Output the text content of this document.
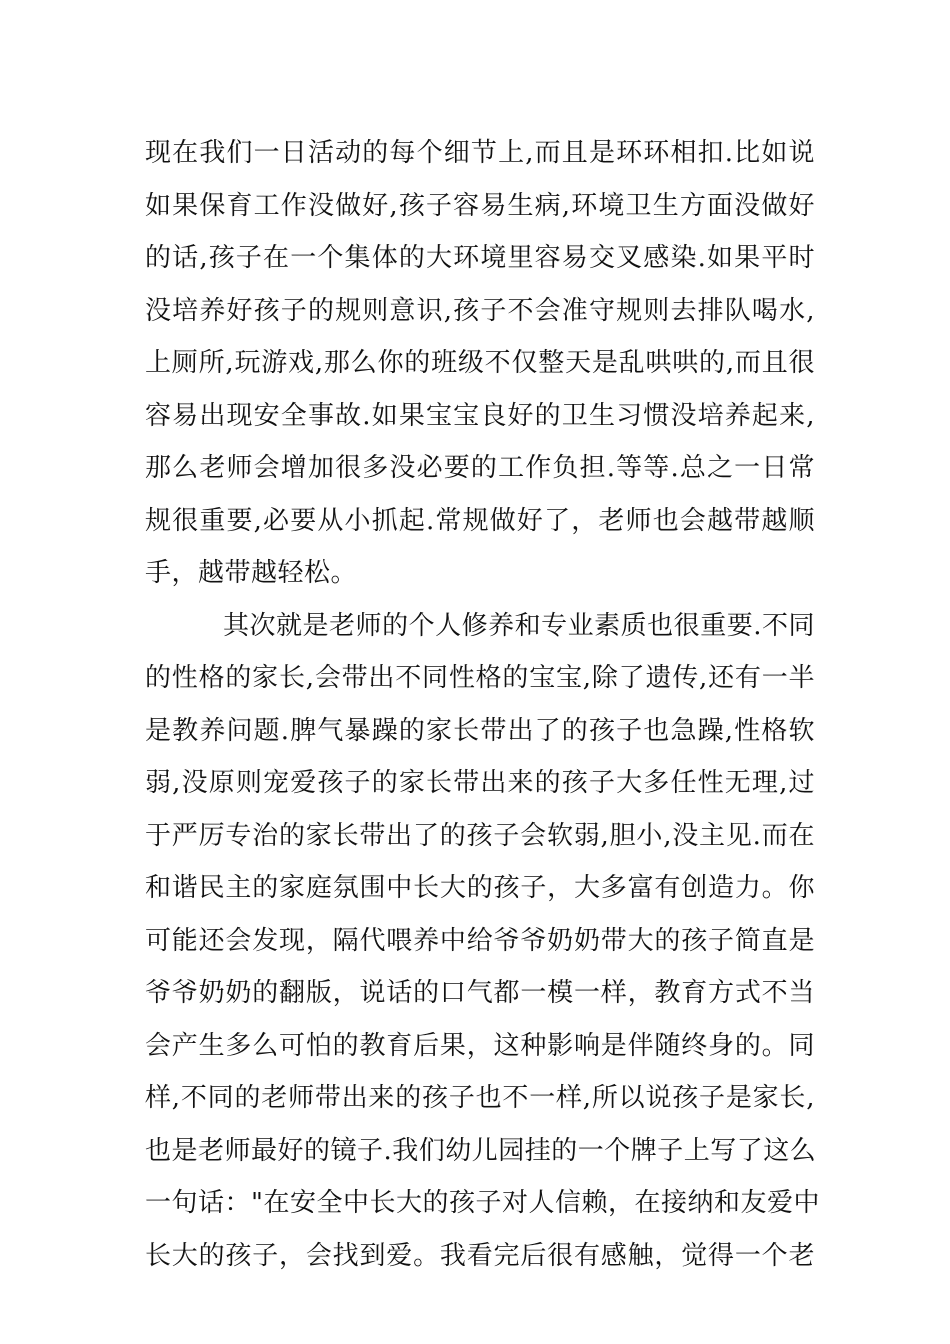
现在我们一日活动的每个细节上,而且是环环相扣.比如说
如果保育工作没做好,孩子容易生病,环境卫生方面没做好
的话,孩子在一个集体的大环境里容易交叉感染.如果平时
没培养好孩子的规则意识,孩子不会准守规则去排队喝水,
上厕所,玩游戏,那么你的班级不仅整天是乱哄哄的,而且很
容易出现安全事故.如果宝宝良好的卫生习惯没培养起来,
那么老师会增加很多没必要的工作负担.等等.总之一日常
规很重要,必要从小抓起.常规做好了，老师也会越带越顺
手，越带越轻松。
其次就是老师的个人修养和专业素质也很重要.不同
的性格的家长,会带出不同性格的宝宝,除了遗传,还有一半
是教养问题.脾气暴躁的家长带出了的孩子也急躁,性格软
弱,没原则宠爱孩子的家长带出来的孩子大多任性无理,过
于严厉专治的家长带出了的孩子会软弱,胆小,没主见.而在
和谐民主的家庭氛围中长大的孩子，大多富有创造力。你
可能还会发现，隔代喂养中给爷爷奶奶带大的孩子简直是
爷爷奶奶的翻版，说话的口气都一模一样，教育方式不当
会产生多么可怕的教育后果，这种影响是伴随终身的。同
样,不同的老师带出来的孩子也不一样,所以说孩子是家长,
也是老师最好的镜子.我们幼儿园挂的一个牌子上写了这么
一句话："在安全中长大的孩子对人信赖，在接纳和友爱中
长大的孩子，会找到爱。我看完后很有感触，觉得一个老
